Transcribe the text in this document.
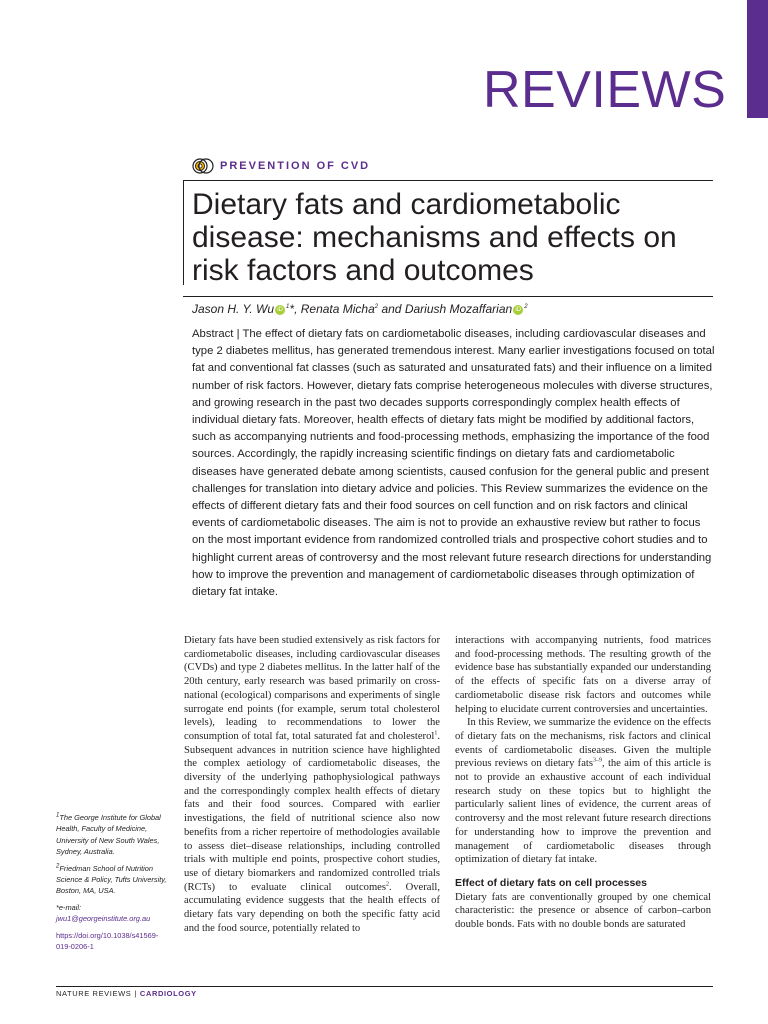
REVIEWS
PREVENTION OF CVD
Dietary fats and cardiometabolic disease: mechanisms and effects on risk factors and outcomes
Jason H. Y. Wu iD $^1$*, Renata Micha$^2$ and Dariush Mozaffarian iD $^2$
Abstract | The effect of dietary fats on cardiometabolic diseases, including cardiovascular diseases and type 2 diabetes mellitus, has generated tremendous interest. Many earlier investigations focused on total fat and conventional fat classes (such as saturated and unsaturated fats) and their influence on a limited number of risk factors. However, dietary fats comprise heterogeneous molecules with diverse structures, and growing research in the past two decades supports correspondingly complex health effects of individual dietary fats. Moreover, health effects of dietary fats might be modified by additional factors, such as accompanying nutrients and food-processing methods, emphasizing the importance of the food sources. Accordingly, the rapidly increasing scientific findings on dietary fats and cardiometabolic diseases have generated debate among scientists, caused confusion for the general public and present challenges for translation into dietary advice and policies. This Review summarizes the evidence on the effects of different dietary fats and their food sources on cell function and on risk factors and clinical events of cardiometabolic diseases. The aim is not to provide an exhaustive review but rather to focus on the most important evidence from randomized controlled trials and prospective cohort studies and to highlight current areas of controversy and the most relevant future research directions for understanding how to improve the prevention and management of cardiometabolic diseases through optimization of dietary fat intake.

Dietary fats have been studied extensively as risk factors for cardiometabolic diseases, including cardiovascular diseases (CVDs) and type 2 diabetes mellitus. In the latter half of the 20th century, early research was based primarily on cross-national (ecological) comparisons and experiments of single surrogate end points (for example, serum total cholesterol levels), leading to recommendations to lower the consumption of total fat, total saturated fat and cholesterol$^1$. Subsequent advances in nutrition science have highlighted the complex aetiology of cardiometabolic diseases, the diversity of the underlying pathophysiological pathways and the correspondingly complex health effects of dietary fats and their food sources. Compared with earlier investigations, the field of nutritional science also now benefits from a richer repertoire of methodologies available to assess diet–disease relationships, including controlled trials with multiple end points, prospective cohort studies, use of dietary biomarkers and randomized controlled trials (RCTs) to evaluate clinical outcomes$^2$. Overall, accumulating evidence suggests that the health effects of dietary fats vary depending on both the specific fatty acid and the food source, potentially related to

interactions with accompanying nutrients, food matrices and food-processing methods. The resulting growth of the evidence base has substantially expanded our understanding of the effects of specific fats on a diverse array of cardiometabolic disease risk factors and outcomes while helping to elucidate current controversies and uncertainties.

In this Review, we summarize the evidence on the effects of dietary fats on the mechanisms, risk factors and clinical events of cardiometabolic diseases. Given the multiple previous reviews on dietary fats$^{3-9}$, the aim of this article is not to provide an exhaustive account of each individual research study on these topics but to highlight the particularly salient lines of evidence, the current areas of controversy and the most relevant future research directions for understanding how to improve the prevention and management of cardiometabolic diseases through optimization of dietary fat intake.

Effect of dietary fats on cell processes

Dietary fats are conventionally grouped by one chemical characteristic: the presence or absence of carbon–carbon double bonds. Fats with no double bonds are saturated

$^1$The George Institute for Global Health, Faculty of Medicine, University of New South Wales, Sydney, Australia.

$^2$Friedman School of Nutrition Science & Policy, Tufts University, Boston, MA, USA.

*e-mail: jwu1@georgeinstitute.org.au

https://doi.org/10.1038/s41569-019-0206-1

NATURE REVIEWS | CARDIOLOGY
